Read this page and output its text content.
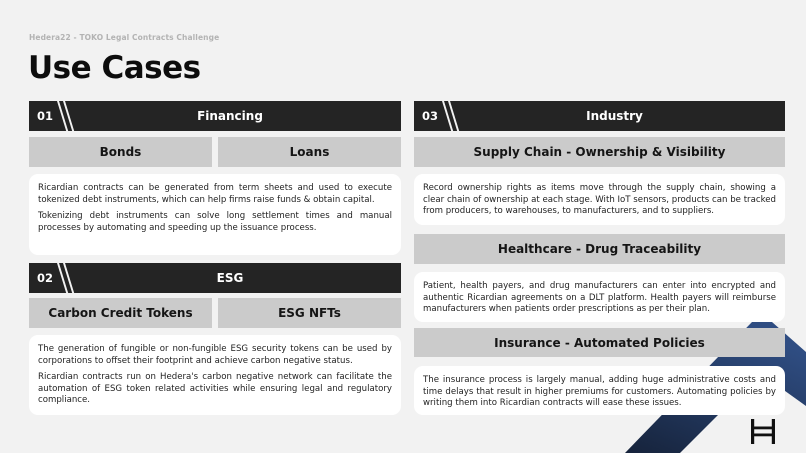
Hedera22 - TOKO Legal Contracts Challenge
Use Cases
01	Financing
Bonds	Loans

Ricardian contracts can be generated from term sheets and used to execute tokenized debt instruments, which can help firms raise funds & obtain capital.

Tokenizing debt instruments can solve long settlement times and manual processes by automating and speeding up the issuance process.

02	ESG
Carbon Credit Tokens	ESG NFTs

The generation of fungible or non-fungible ESG security tokens can be used by corporations to offset their footprint and achieve carbon negative status.

Ricardian contracts run on Hedera's carbon negative network can facilitate the automation of ESG token related activities while ensuring legal and regulatory compliance.

03	Industry
Supply Chain - Ownership & Visibility

Record ownership rights as items move through the supply chain, showing a clear chain of ownership at each stage. With IoT sensors, products can be tracked from producers, to warehouses, to manufacturers, and to suppliers.

Healthcare - Drug Traceability

Patient, health payers, and drug manufacturers can enter into encrypted and authentic Ricardian agreements on a DLT platform. Health payers will reimburse manufacturers when patients order prescriptions as per their plan.

Insurance - Automated Policies

The insurance process is largely manual, adding huge administrative costs and time delays that result in higher premiums for customers. Automating policies by writing them into Ricardian contracts will ease these issues.
